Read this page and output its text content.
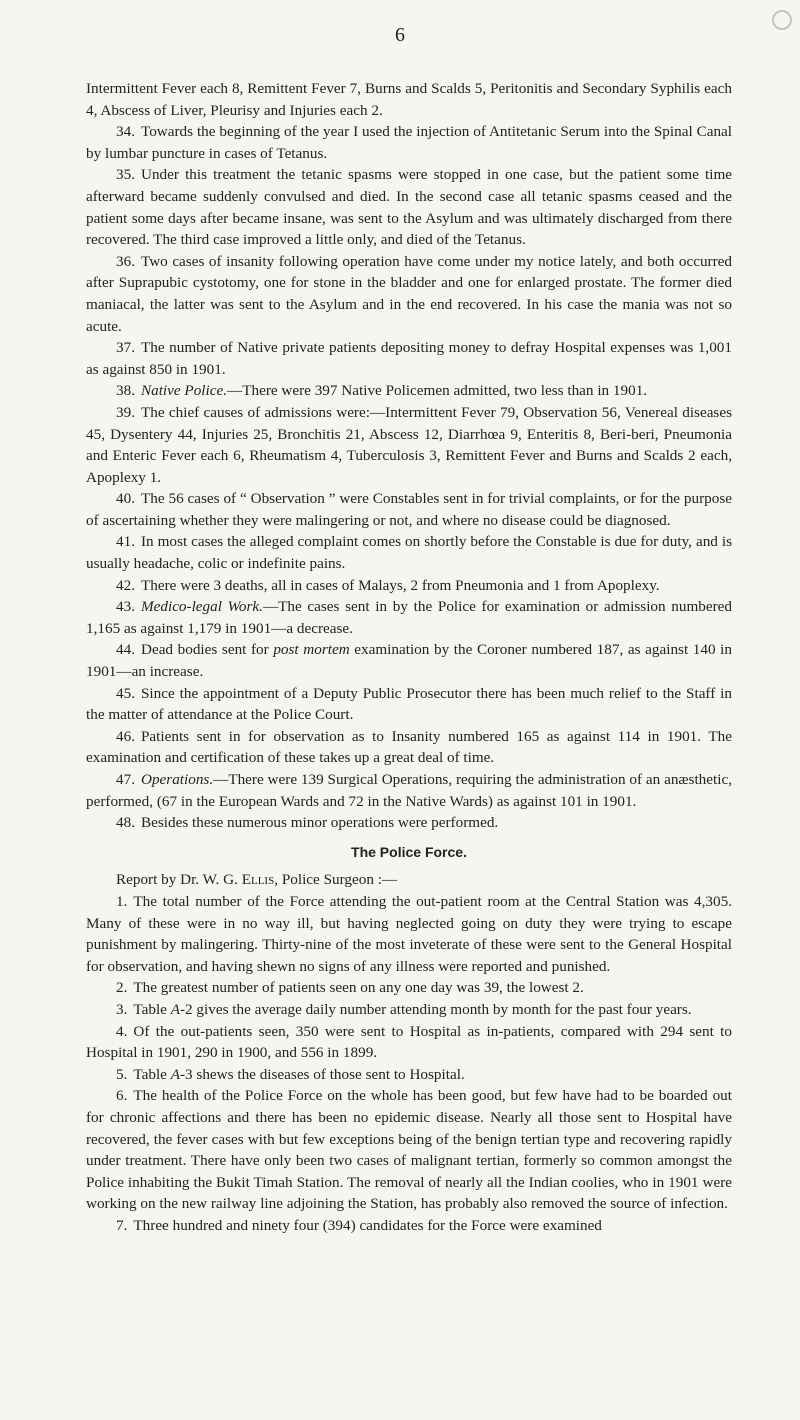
6

Intermittent Fever each 8, Remittent Fever 7, Burns and Scalds 5, Peritonitis and Secondary Syphilis each 4, Abscess of Liver, Pleurisy and Injuries each 2.

34. Towards the beginning of the year I used the injection of Antitetanic Serum into the Spinal Canal by lumbar puncture in cases of Tetanus.

35. Under this treatment the tetanic spasms were stopped in one case, but the patient some time afterward became suddenly convulsed and died. In the second case all tetanic spasms ceased and the patient some days after became insane, was sent to the Asylum and was ultimately discharged from there recovered. The third case improved a little only, and died of the Tetanus.

36. Two cases of insanity following operation have come under my notice lately, and both occurred after Suprapubic cystotomy, one for stone in the bladder and one for enlarged prostate. The former died maniacal, the latter was sent to the Asylum and in the end recovered. In his case the mania was not so acute.

37. The number of Native private patients depositing money to defray Hospital expenses was 1,001 as against 850 in 1901.

38. Native Police.—There were 397 Native Policemen admitted, two less than in 1901.

39. The chief causes of admissions were:—Intermittent Fever 79, Observation 56, Venereal diseases 45, Dysentery 44, Injuries 25, Bronchitis 21, Abscess 12, Diarrhœa 9, Enteritis 8, Beri-beri, Pneumonia and Enteric Fever each 6, Rheumatism 4, Tuberculosis 3, Remittent Fever and Burns and Scalds 2 each, Apoplexy 1.

40. The 56 cases of “ Observation ” were Constables sent in for trivial complaints, or for the purpose of ascertaining whether they were malingering or not, and where no disease could be diagnosed.

41. In most cases the alleged complaint comes on shortly before the Constable is due for duty, and is usually headache, colic or indefinite pains.

42. There were 3 deaths, all in cases of Malays, 2 from Pneumonia and 1 from Apoplexy.

43. Medico-legal Work.—The cases sent in by the Police for examination or admission numbered 1,165 as against 1,179 in 1901—a decrease.

44. Dead bodies sent for post mortem examination by the Coroner numbered 187, as against 140 in 1901—an increase.

45. Since the appointment of a Deputy Public Prosecutor there has been much relief to the Staff in the matter of attendance at the Police Court.

46. Patients sent in for observation as to Insanity numbered 165 as against 114 in 1901. The examination and certification of these takes up a great deal of time.

47. Operations.—There were 139 Surgical Operations, requiring the administration of an anæsthetic, performed, (67 in the European Wards and 72 in the Native Wards) as against 101 in 1901.

48. Besides these numerous minor operations were performed.

The Police Force.

Report by Dr. W. G. Ellis, Police Surgeon :—

1. The total number of the Force attending the out-patient room at the Central Station was 4,305. Many of these were in no way ill, but having neglected going on duty they were trying to escape punishment by malingering. Thirty-nine of the most inveterate of these were sent to the General Hospital for observation, and having shewn no signs of any illness were reported and punished.

2. The greatest number of patients seen on any one day was 39, the lowest 2.

3. Table A-2 gives the average daily number attending month by month for the past four years.

4. Of the out-patients seen, 350 were sent to Hospital as in-patients, compared with 294 sent to Hospital in 1901, 290 in 1900, and 556 in 1899.

5. Table A-3 shews the diseases of those sent to Hospital.

6. The health of the Police Force on the whole has been good, but few have had to be boarded out for chronic affections and there has been no epidemic disease. Nearly all those sent to Hospital have recovered, the fever cases with but few exceptions being of the benign tertian type and recovering rapidly under treatment. There have only been two cases of malignant tertian, formerly so common amongst the Police inhabiting the Bukit Timah Station. The removal of nearly all the Indian coolies, who in 1901 were working on the new railway line adjoining the Station, has probably also removed the source of infection.

7. Three hundred and ninety four (394) candidates for the Force were examined
